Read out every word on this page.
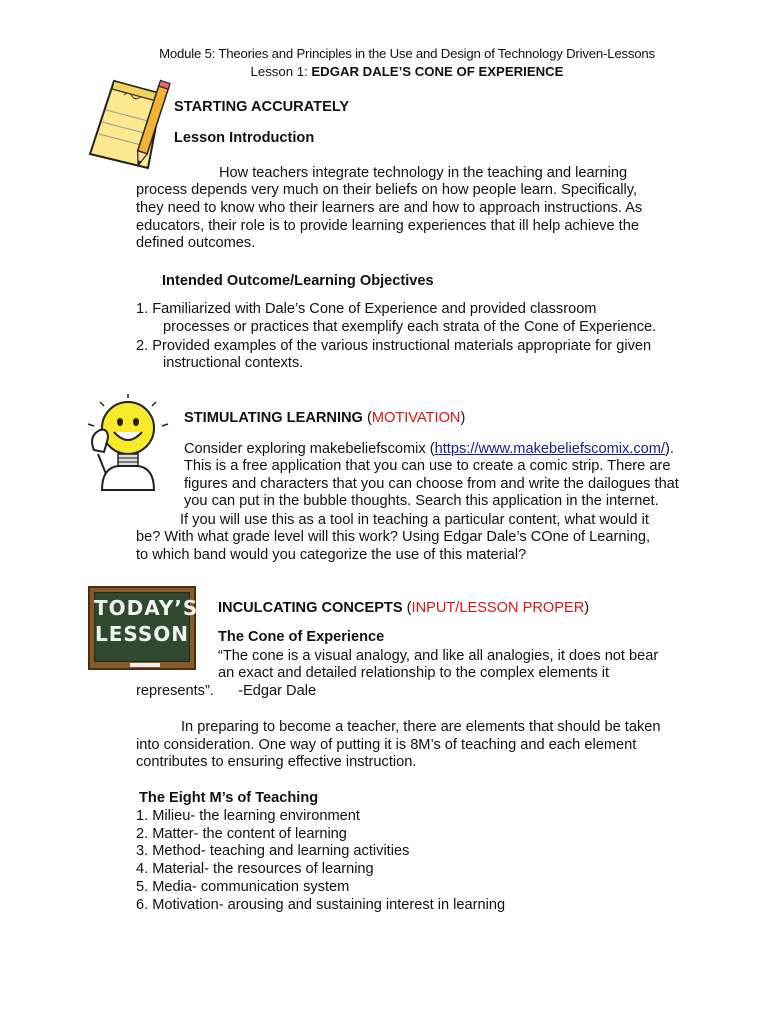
Module 5: Theories and Principles in the Use and Design of Technology Driven-Lessons
Lesson 1: EDGAR DALE’S CONE OF EXPERIENCE
STARTING ACCURATELY
Lesson Introduction
How teachers integrate technology in the teaching and learning
process depends very much on their beliefs on how people learn. Specifically,
they need to know who their learners are and how to approach instructions. As
educators, their role is to provide learning experiences that ill help achieve the
defined outcomes.
Intended Outcome/Learning Objectives
1. Familiarized with Dale’s Cone of Experience and provided classroom
processes or practices that exemplify each strata of the Cone of Experience.
2. Provided examples of the various instructional materials appropriate for given
instructional contexts.
STIMULATING LEARNING (MOTIVATION)
Consider exploring makebeliefscomix (https://www.makebeliefscomix.com/).
This is a free application that you can use to create a comic strip. There are
figures and characters that you can choose from and write the dailogues that
you can put in the bubble thoughts. Search this application in the internet.
If you will use this as a tool in teaching a particular content, what would it
be? With what grade level will this work? Using Edgar Dale’s COne of Learning,
to which band would you categorize the use of this material?
TODAY’S
LESSON
INCULCATING CONCEPTS (INPUT/LESSON PROPER)
The Cone of Experience
“The cone is a visual analogy, and like all analogies, it does not bear
an exact and detailed relationship to the complex elements it
represents”.      -Edgar Dale
In preparing to become a teacher, there are elements that should be taken
into consideration. One way of putting it is 8M’s of teaching and each element
contributes to ensuring effective instruction.
The Eight M’s of Teaching
1. Milieu- the learning environment
2. Matter- the content of learning
3. Method- teaching and learning activities
4. Material- the resources of learning
5. Media- communication system
6. Motivation- arousing and sustaining interest in learning
